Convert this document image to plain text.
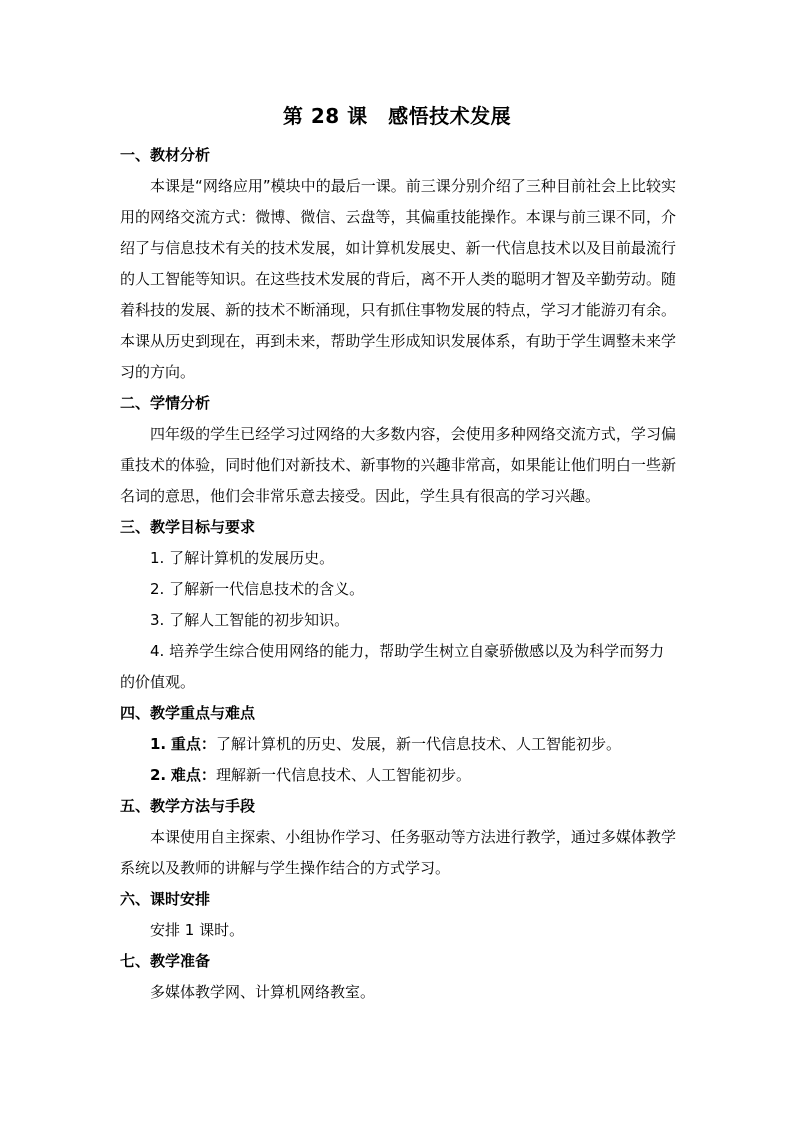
第 28 课　感悟技术发展

一、教材分析

本课是“网络应用”模块中的最后一课。前三课分别介绍了三种目前社会上比较实用的网络交流方式：微博、微信、云盘等，其偏重技能操作。本课与前三课不同，介绍了与信息技术有关的技术发展，如计算机发展史、新一代信息技术以及目前最流行的人工智能等知识。在这些技术发展的背后，离不开人类的聪明才智及辛勤劳动。随着科技的发展、新的技术不断涌现，只有抓住事物发展的特点，学习才能游刃有余。本课从历史到现在，再到未来，帮助学生形成知识发展体系，有助于学生调整未来学习的方向。

二、学情分析

四年级的学生已经学习过网络的大多数内容，会使用多种网络交流方式，学习偏重技术的体验，同时他们对新技术、新事物的兴趣非常高，如果能让他们明白一些新名词的意思，他们会非常乐意去接受。因此，学生具有很高的学习兴趣。

三、教学目标与要求

1. 了解计算机的发展历史。

2. 了解新一代信息技术的含义。

3. 了解人工智能的初步知识。

4. 培养学生综合使用网络的能力，帮助学生树立自豪骄傲感以及为科学而努力的价值观。

四、教学重点与难点

1. 重点：了解计算机的历史、发展，新一代信息技术、人工智能初步。

2. 难点：理解新一代信息技术、人工智能初步。

五、教学方法与手段

本课使用自主探索、小组协作学习、任务驱动等方法进行教学，通过多媒体教学系统以及教师的讲解与学生操作结合的方式学习。

六、课时安排

安排 1 课时。

七、教学准备

多媒体教学网、计算机网络教室。
